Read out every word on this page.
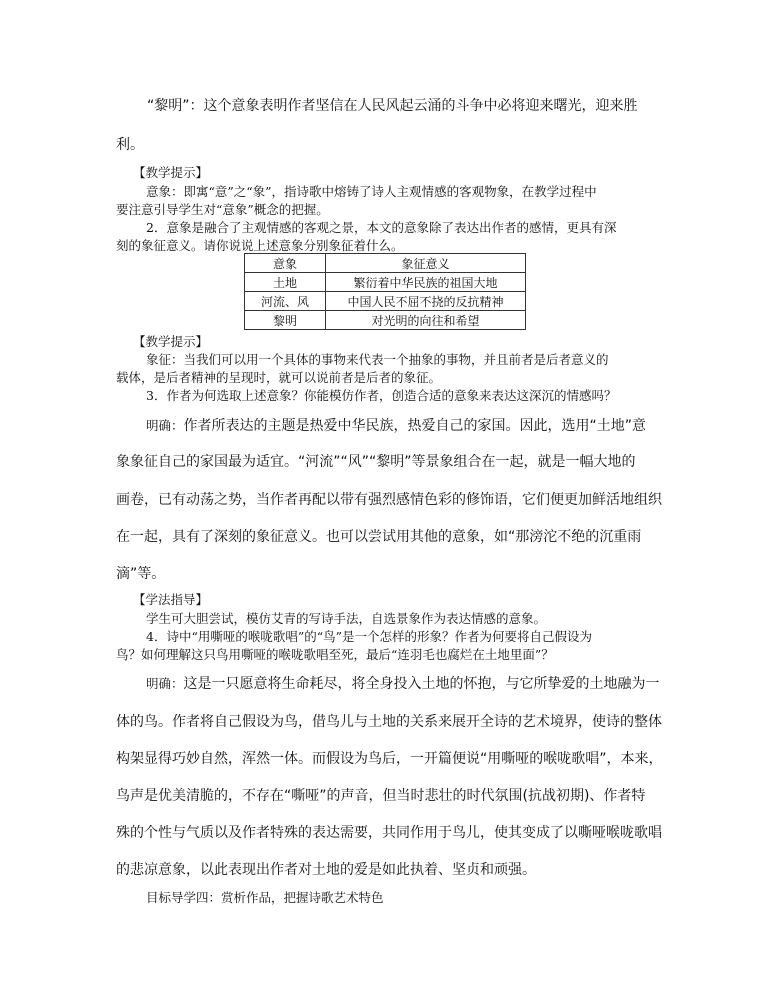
“黎明”：这个意象表明作者坚信在人民风起云涌的斗争中必将迎来曙光，迎来胜
利。
【教学提示】
意象：即寓“意”之“象”，指诗歌中熔铸了诗人主观情感的客观物象，在教学过程中
要注意引导学生对“意象”概念的把握。
2．意象是融合了主观情感的客观之景，本文的意象除了表达出作者的感情，更具有深
刻的象征意义。请你说说上述意象分别象征着什么。
意象	象征意义
土地	繁衍着中华民族的祖国大地
河流、风	中国人民不屈不挠的反抗精神
黎明	对光明的向往和希望
【教学提示】
象征：当我们可以用一个具体的事物来代表一个抽象的事物，并且前者是后者意义的
载体，是后者精神的呈现时，就可以说前者是后者的象征。
3．作者为何选取上述意象？你能模仿作者，创造合适的意象来表达这深沉的情感吗？
明确：作者所表达的主题是热爱中华民族，热爱自己的家国。因此，选用“土地”意
象象征自己的家国最为适宜。“河流”“风”“黎明”等景象组合在一起，就是一幅大地的
画卷，已有动荡之势，当作者再配以带有强烈感情色彩的修饰语，它们便更加鲜活地组织
在一起，具有了深刻的象征意义。也可以尝试用其他的意象，如“那滂沱不绝的沉重雨
滴”等。
【学法指导】
学生可大胆尝试，模仿艾青的写诗手法，自选景象作为表达情感的意象。
4．诗中“用嘶哑的喉咙歌唱”的“鸟”是一个怎样的形象？作者为何要将自己假设为
鸟？如何理解这只鸟用嘶哑的喉咙歌唱至死，最后“连羽毛也腐烂在土地里面”？
明确：这是一只愿意将生命耗尽，将全身投入土地的怀抱，与它所挚爱的土地融为一
体的鸟。作者将自己假设为鸟，借鸟儿与土地的关系来展开全诗的艺术境界，使诗的整体
构架显得巧妙自然，浑然一体。而假设为鸟后，一开篇便说“用嘶哑的喉咙歌唱”，本来，
鸟声是优美清脆的，不存在“嘶哑”的声音，但当时悲壮的时代氛围(抗战初期)、作者特
殊的个性与气质以及作者特殊的表达需要，共同作用于鸟儿，使其变成了以嘶哑喉咙歌唱
的悲凉意象，以此表现出作者对土地的爱是如此执着、坚贞和顽强。
目标导学四：赏析作品，把握诗歌艺术特色
